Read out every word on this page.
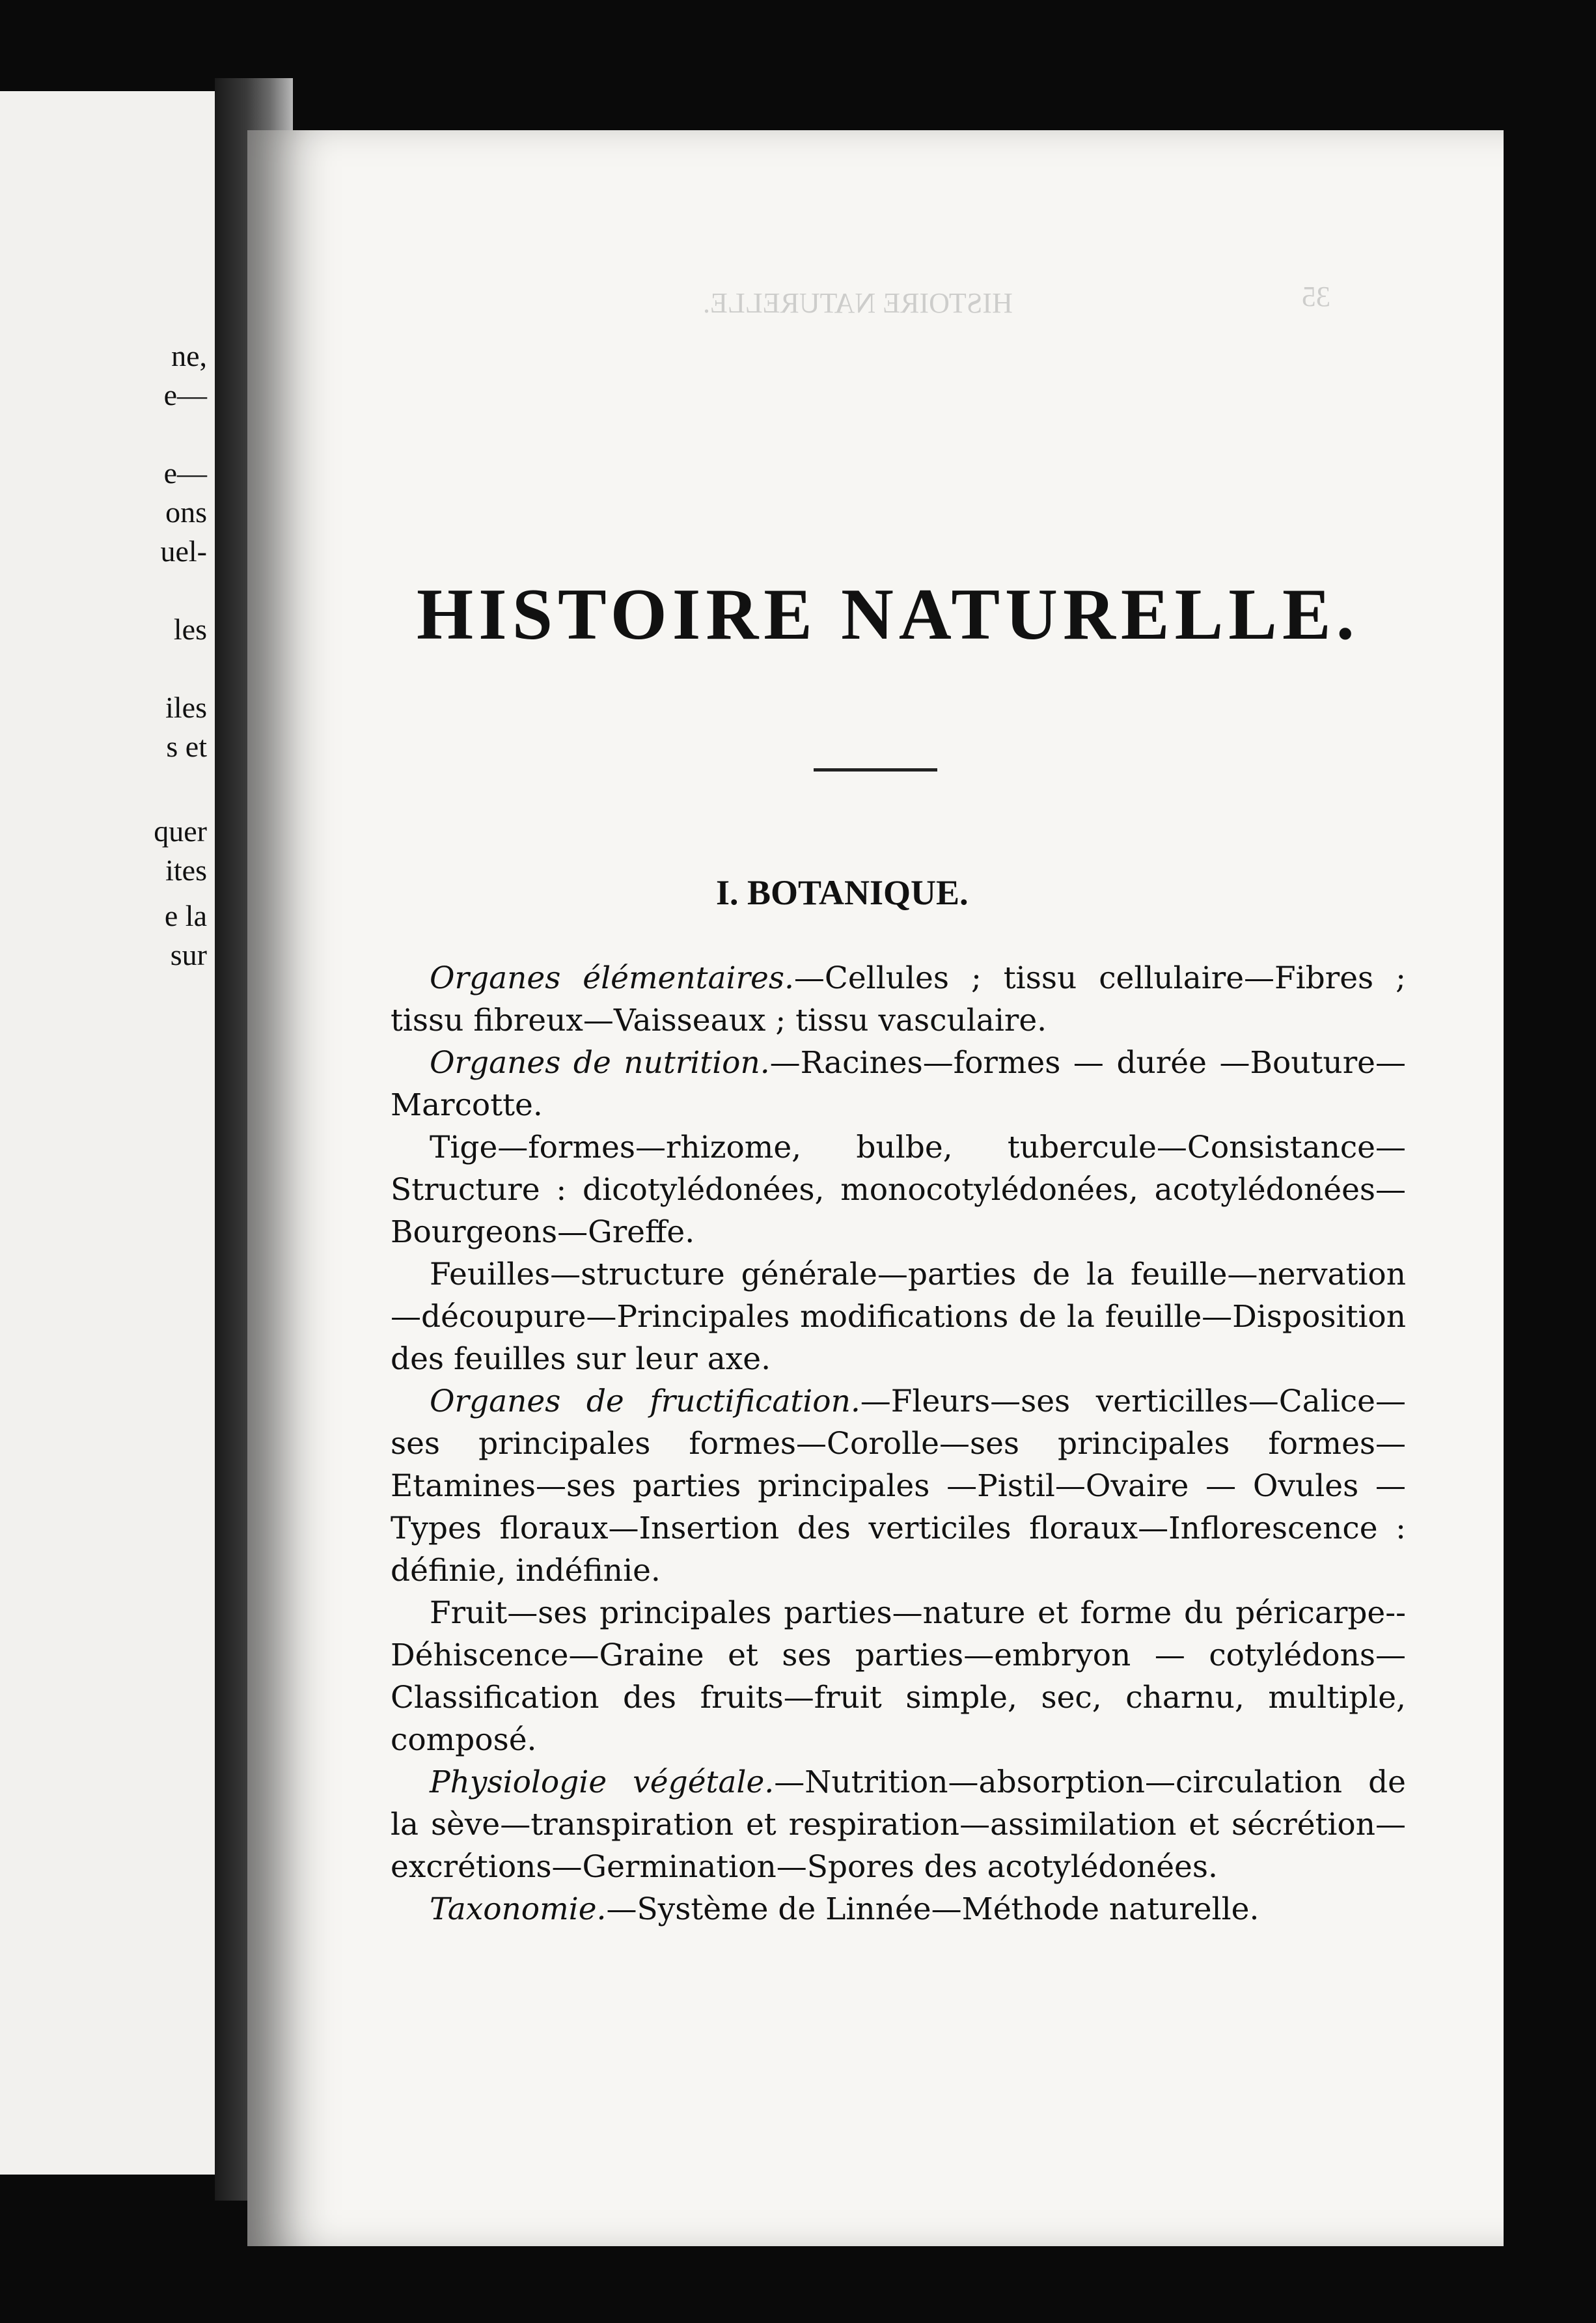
ne,
e—
e—
ons
uel-
les
iles
s et
quer
ites
e la
sur
HISTOIRE NATURELLE.	35
HISTOIRE NATURELLE.
I. BOTANIQUE.

Organes élémentaires.—Cellules ; tissu cellulaire—Fibres ; tissu fibreux—Vaisseaux ; tissu vasculaire.

Organes de nutrition.—Racines—formes — durée —Bouture—Marcotte.

Tige—formes—rhizome, bulbe, tubercule—Consistance—Structure : dicotylédonées, monocotylédonées, acotylédonées—Bourgeons—Greffe.

Feuilles—structure générale—parties de la feuille—nervation—découpure—Principales modifications de la feuille—Disposition des feuilles sur leur axe.

Organes de fructification.—Fleurs—ses verticilles—Calice—ses principales formes—Corolle—ses principales formes—Etamines—ses parties principales —Pistil—Ovaire — Ovules — Types floraux—Insertion des verticiles floraux—Inflorescence : définie, indéfinie.

Fruit—ses principales parties—nature et forme du péricarpe--Déhiscence—Graine et ses parties—embryon — cotylédons—Classification des fruits—fruit simple, sec, charnu, multiple, composé.

Physiologie végétale.—Nutrition—absorption—circulation de la sève—transpiration et respiration—assimilation et sécrétion—excrétions—Germination—Spores des acotylédonées.

Taxonomie.—Système de Linnée—Méthode naturelle.
